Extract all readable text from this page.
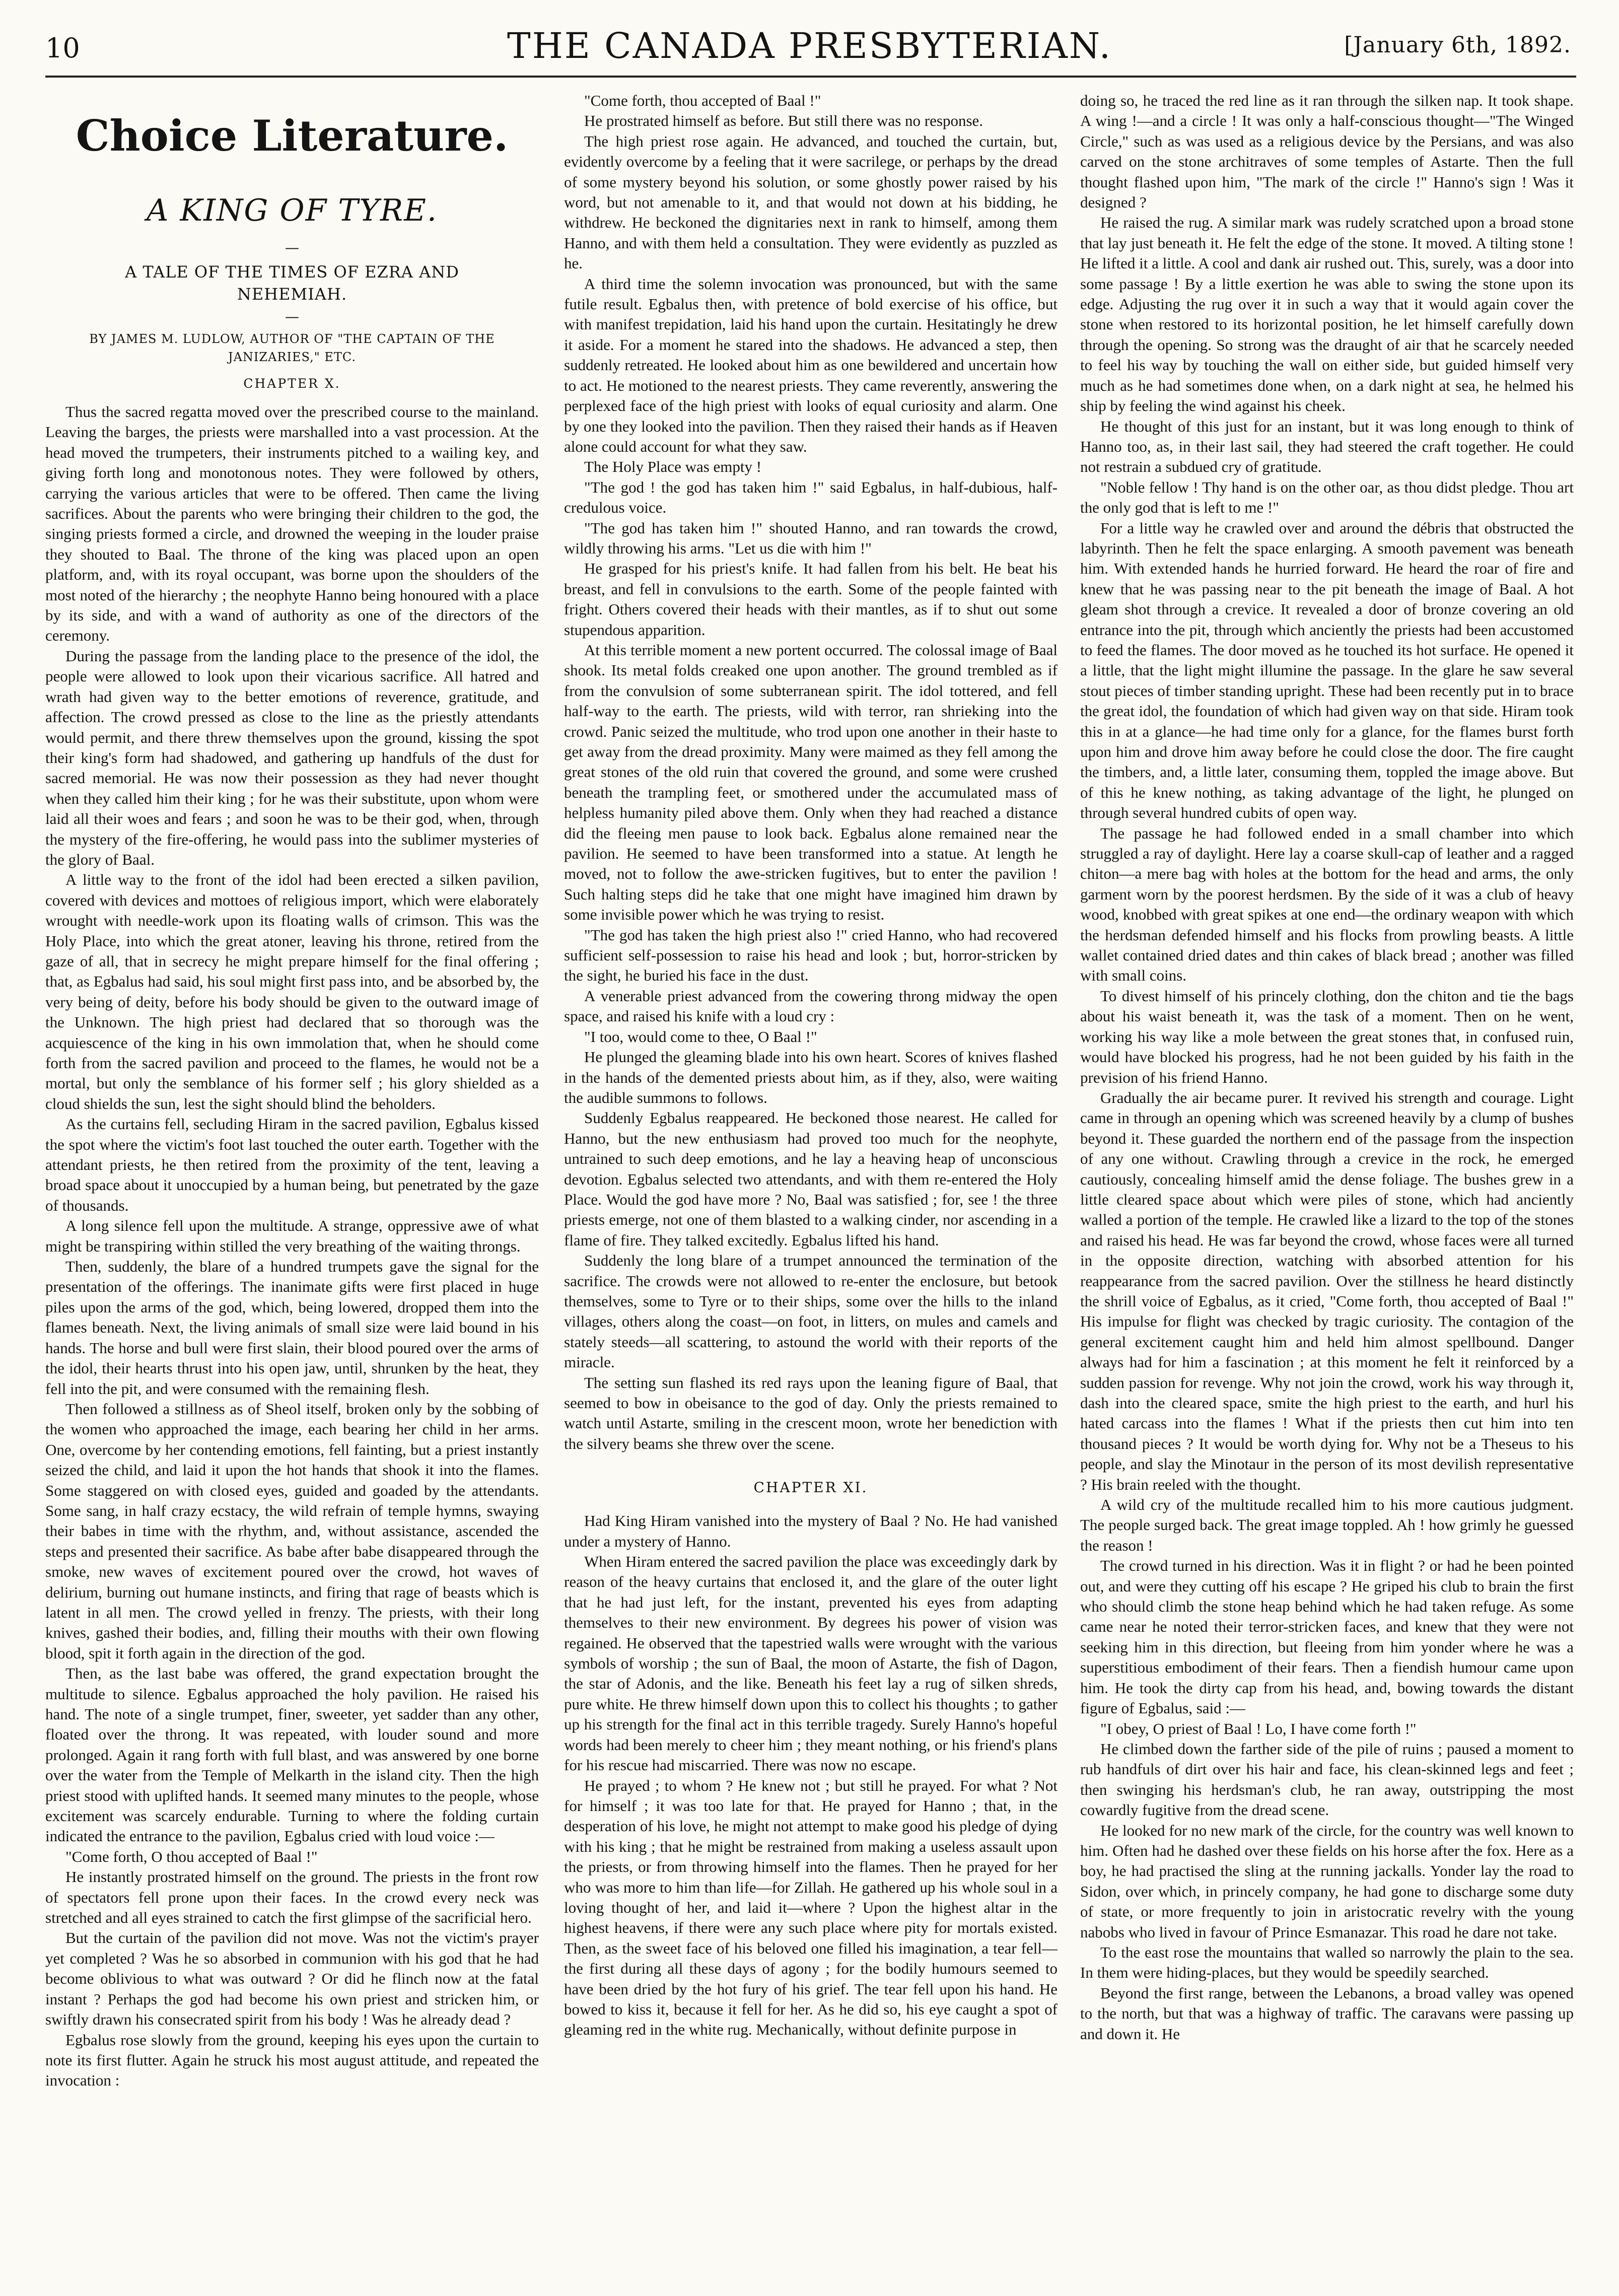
10	THE CANADA PRESBYTERIAN.	[January 6th, 1892.
Choice Literature.
A KING OF TYRE.
—
A TALE OF THE TIMES OF EZRA AND NEHEMIAH.
—
BY JAMES M. LUDLOW, AUTHOR OF "THE CAPTAIN OF THE JANIZARIES," ETC.
CHAPTER X.

Thus the sacred regatta moved over the prescribed course to the mainland. Leaving the barges, the priests were marshalled into a vast procession. At the head moved the trumpeters, their instruments pitched to a wailing key, and giving forth long and monotonous notes. They were followed by others, carrying the various articles that were to be offered. Then came the living sacrifices. About the parents who were bringing their children to the god, the singing priests formed a circle, and drowned the weeping in the louder praise they shouted to Baal. The throne of the king was placed upon an open platform, and, with its royal occupant, was borne upon the shoulders of the most noted of the hierarchy ; the neophyte Hanno being honoured with a place by its side, and with a wand of authority as one of the directors of the ceremony.

During the passage from the landing place to the presence of the idol, the people were allowed to look upon their vicarious sacrifice. All hatred and wrath had given way to the better emotions of reverence, gratitude, and affection. The crowd pressed as close to the line as the priestly attendants would permit, and there threw themselves upon the ground, kissing the spot their king's form had shadowed, and gathering up handfuls of the dust for sacred memorial. He was now their possession as they had never thought when they called him their king ; for he was their substitute, upon whom were laid all their woes and fears ; and soon he was to be their god, when, through the mystery of the fire-offering, he would pass into the sublimer mysteries of the glory of Baal.

A little way to the front of the idol had been erected a silken pavilion, covered with devices and mottoes of religious import, which were elaborately wrought with needle-work upon its floating walls of crimson. This was the Holy Place, into which the great atoner, leaving his throne, retired from the gaze of all, that in secrecy he might prepare himself for the final offering ; that, as Egbalus had said, his soul might first pass into, and be absorbed by, the very being of deity, before his body should be given to the outward image of the Unknown. The high priest had declared that so thorough was the acquiescence of the king in his own immolation that, when he should come forth from the sacred pavilion and proceed to the flames, he would not be a mortal, but only the semblance of his former self ; his glory shielded as a cloud shields the sun, lest the sight should blind the beholders.

As the curtains fell, secluding Hiram in the sacred pavilion, Egbalus kissed the spot where the victim's foot last touched the outer earth. Together with the attendant priests, he then retired from the proximity of the tent, leaving a broad space about it unoccupied by a human being, but penetrated by the gaze of thousands.

A long silence fell upon the multitude. A strange, oppressive awe of what might be transpiring within stilled the very breathing of the waiting throngs.

Then, suddenly, the blare of a hundred trumpets gave the signal for the presentation of the offerings. The inanimate gifts were first placed in huge piles upon the arms of the god, which, being lowered, dropped them into the flames beneath. Next, the living animals of small size were laid bound in his hands. The horse and bull were first slain, their blood poured over the arms of the idol, their hearts thrust into his open jaw, until, shrunken by the heat, they fell into the pit, and were consumed with the remaining flesh.

Then followed a stillness as of Sheol itself, broken only by the sobbing of the women who approached the image, each bearing her child in her arms. One, overcome by her contending emotions, fell fainting, but a priest instantly seized the child, and laid it upon the hot hands that shook it into the flames. Some staggered on with closed eyes, guided and goaded by the attendants. Some sang, in half crazy ecstacy, the wild refrain of temple hymns, swaying their babes in time with the rhythm, and, without assistance, ascended the steps and presented their sacrifice. As babe after babe disappeared through the smoke, new waves of excitement poured over the crowd, hot waves of delirium, burning out humane instincts, and firing that rage of beasts which is latent in all men. The crowd yelled in frenzy. The priests, with their long knives, gashed their bodies, and, filling their mouths with their own flowing blood, spit it forth again in the direction of the god.

Then, as the last babe was offered, the grand expectation brought the multitude to silence. Egbalus approached the holy pavilion. He raised his hand. The note of a single trumpet, finer, sweeter, yet sadder than any other, floated over the throng. It was repeated, with louder sound and more prolonged. Again it rang forth with full blast, and was answered by one borne over the water from the Temple of Melkarth in the island city. Then the high priest stood with uplifted hands. It seemed many minutes to the people, whose excitement was scarcely endurable. Turning to where the folding curtain indicated the entrance to the pavilion, Egbalus cried with loud voice :—

"Come forth, O thou accepted of Baal !"

He instantly prostrated himself on the ground. The priests in the front row of spectators fell prone upon their faces. In the crowd every neck was stretched and all eyes strained to catch the first glimpse of the sacrificial hero.

But the curtain of the pavilion did not move. Was not the victim's prayer yet completed ? Was he so absorbed in communion with his god that he had become oblivious to what was outward ? Or did he flinch now at the fatal instant ? Perhaps the god had become his own priest and stricken him, or swiftly drawn his consecrated spirit from his body ! Was he already dead ?

Egbalus rose slowly from the ground, keeping his eyes upon the curtain to note its first flutter. Again he struck his most august attitude, and repeated the invocation :

"Come forth, thou accepted of Baal !"

He prostrated himself as before. But still there was no response.

The high priest rose again. He advanced, and touched the curtain, but, evidently overcome by a feeling that it were sacrilege, or perhaps by the dread of some mystery beyond his solution, or some ghostly power raised by his word, but not amenable to it, and that would not down at his bidding, he withdrew. He beckoned the dignitaries next in rank to himself, among them Hanno, and with them held a consultation. They were evidently as puzzled as he.

A third time the solemn invocation was pronounced, but with the same futile result. Egbalus then, with pretence of bold exercise of his office, but with manifest trepidation, laid his hand upon the curtain. Hesitatingly he drew it aside. For a moment he stared into the shadows. He advanced a step, then suddenly retreated. He looked about him as one bewildered and uncertain how to act. He motioned to the nearest priests. They came reverently, answering the perplexed face of the high priest with looks of equal curiosity and alarm. One by one they looked into the pavilion. Then they raised their hands as if Heaven alone could account for what they saw.

The Holy Place was empty !

"The god ! the god has taken him !" said Egbalus, in half-dubious, half-credulous voice.

"The god has taken him !" shouted Hanno, and ran towards the crowd, wildly throwing his arms. "Let us die with him !"

He grasped for his priest's knife. It had fallen from his belt. He beat his breast, and fell in convulsions to the earth. Some of the people fainted with fright. Others covered their heads with their mantles, as if to shut out some stupendous apparition.

At this terrible moment a new portent occurred. The colossal image of Baal shook. Its metal folds creaked one upon another. The ground trembled as if from the convulsion of some subterranean spirit. The idol tottered, and fell half-way to the earth. The priests, wild with terror, ran shrieking into the crowd. Panic seized the multitude, who trod upon one another in their haste to get away from the dread proximity. Many were maimed as they fell among the great stones of the old ruin that covered the ground, and some were crushed beneath the trampling feet, or smothered under the accumulated mass of helpless humanity piled above them. Only when they had reached a distance did the fleeing men pause to look back. Egbalus alone remained near the pavilion. He seemed to have been transformed into a statue. At length he moved, not to follow the awe-stricken fugitives, but to enter the pavilion ! Such halting steps did he take that one might have imagined him drawn by some invisible power which he was trying to resist.

"The god has taken the high priest also !" cried Hanno, who had recovered sufficient self-possession to raise his head and look ; but, horror-stricken by the sight, he buried his face in the dust.

A venerable priest advanced from the cowering throng midway the open space, and raised his knife with a loud cry :

"I too, would come to thee, O Baal !"

He plunged the gleaming blade into his own heart. Scores of knives flashed in the hands of the demented priests about him, as if they, also, were waiting the audible summons to follows.

Suddenly Egbalus reappeared. He beckoned those nearest. He called for Hanno, but the new enthusiasm had proved too much for the neophyte, untrained to such deep emotions, and he lay a heaving heap of unconscious devotion. Egbalus selected two attendants, and with them re-entered the Holy Place. Would the god have more ? No, Baal was satisfied ; for, see ! the three priests emerge, not one of them blasted to a walking cinder, nor ascending in a flame of fire. They talked excitedly. Egbalus lifted his hand.

Suddenly the long blare of a trumpet announced the termination of the sacrifice. The crowds were not allowed to re-enter the enclosure, but betook themselves, some to Tyre or to their ships, some over the hills to the inland villages, others along the coast—on foot, in litters, on mules and camels and stately steeds—all scattering, to astound the world with their reports of the miracle.

The setting sun flashed its red rays upon the leaning figure of Baal, that seemed to bow in obeisance to the god of day. Only the priests remained to watch until Astarte, smiling in the crescent moon, wrote her benediction with the silvery beams she threw over the scene.

CHAPTER XI.

Had King Hiram vanished into the mystery of Baal ? No. He had vanished under a mystery of Hanno.

When Hiram entered the sacred pavilion the place was exceedingly dark by reason of the heavy curtains that enclosed it, and the glare of the outer light that he had just left, for the instant, prevented his eyes from adapting themselves to their new environment. By degrees his power of vision was regained. He observed that the tapestried walls were wrought with the various symbols of worship ; the sun of Baal, the moon of Astarte, the fish of Dagon, the star of Adonis, and the like. Beneath his feet lay a rug of silken shreds, pure white. He threw himself down upon this to collect his thoughts ; to gather up his strength for the final act in this terrible tragedy. Surely Hanno's hopeful words had been merely to cheer him ; they meant nothing, or his friend's plans for his rescue had miscarried. There was now no escape.

He prayed ; to whom ? He knew not ; but still he prayed. For what ? Not for himself ; it was too late for that. He prayed for Hanno ; that, in the desperation of his love, he might not attempt to make good his pledge of dying with his king ; that he might be restrained from making a useless assault upon the priests, or from throwing himself into the flames. Then he prayed for her who was more to him than life—for Zillah. He gathered up his whole soul in a loving thought of her, and laid it—where ? Upon the highest altar in the highest heavens, if there were any such place where pity for mortals existed. Then, as the sweet face of his beloved one filled his imagination, a tear fell—the first during all these days of agony ; for the bodily humours seemed to have been dried by the hot fury of his grief. The tear fell upon his hand. He bowed to kiss it, because it fell for her. As he did so, his eye caught a spot of gleaming red in the white rug. Mechanically, without definite purpose in

doing so, he traced the red line as it ran through the silken nap. It took shape. A wing !—and a circle ! It was only a half-conscious thought—"The Winged Circle," such as was used as a religious device by the Persians, and was also carved on the stone architraves of some temples of Astarte. Then the full thought flashed upon him, "The mark of the circle !" Hanno's sign ! Was it designed ?

He raised the rug. A similar mark was rudely scratched upon a broad stone that lay just beneath it. He felt the edge of the stone. It moved. A tilting stone ! He lifted it a little. A cool and dank air rushed out. This, surely, was a door into some passage ! By a little exertion he was able to swing the stone upon its edge. Adjusting the rug over it in such a way that it would again cover the stone when restored to its horizontal position, he let himself carefully down through the opening. So strong was the draught of air that he scarcely needed to feel his way by touching the wall on either side, but guided himself very much as he had sometimes done when, on a dark night at sea, he helmed his ship by feeling the wind against his cheek.

He thought of this just for an instant, but it was long enough to think of Hanno too, as, in their last sail, they had steered the craft together. He could not restrain a subdued cry of gratitude.

"Noble fellow ! Thy hand is on the other oar, as thou didst pledge. Thou art the only god that is left to me !"

For a little way he crawled over and around the débris that obstructed the labyrinth. Then he felt the space enlarging. A smooth pavement was beneath him. With extended hands he hurried forward. He heard the roar of fire and knew that he was passing near to the pit beneath the image of Baal. A hot gleam shot through a crevice. It revealed a door of bronze covering an old entrance into the pit, through which anciently the priests had been accustomed to feed the flames. The door moved as he touched its hot surface. He opened it a little, that the light might illumine the passage. In the glare he saw several stout pieces of timber standing upright. These had been recently put in to brace the great idol, the foundation of which had given way on that side. Hiram took this in at a glance—he had time only for a glance, for the flames burst forth upon him and drove him away before he could close the door. The fire caught the timbers, and, a little later, consuming them, toppled the image above. But of this he knew nothing, as taking advantage of the light, he plunged on through several hundred cubits of open way.

The passage he had followed ended in a small chamber into which struggled a ray of daylight. Here lay a coarse skull-cap of leather and a ragged chiton—a mere bag with holes at the bottom for the head and arms, the only garment worn by the poorest herdsmen. By the side of it was a club of heavy wood, knobbed with great spikes at one end—the ordinary weapon with which the herdsman defended himself and his flocks from prowling beasts. A little wallet contained dried dates and thin cakes of black bread ; another was filled with small coins.

To divest himself of his princely clothing, don the chiton and tie the bags about his waist beneath it, was the task of a moment. Then on he went, working his way like a mole between the great stones that, in confused ruin, would have blocked his progress, had he not been guided by his faith in the prevision of his friend Hanno.

Gradually the air became purer. It revived his strength and courage. Light came in through an opening which was screened heavily by a clump of bushes beyond it. These guarded the northern end of the passage from the inspection of any one without. Crawling through a crevice in the rock, he emerged cautiously, concealing himself amid the dense foliage. The bushes grew in a little cleared space about which were piles of stone, which had anciently walled a portion of the temple. He crawled like a lizard to the top of the stones and raised his head. He was far beyond the crowd, whose faces were all turned in the opposite direction, watching with absorbed attention for his reappearance from the sacred pavilion. Over the stillness he heard distinctly the shrill voice of Egbalus, as it cried, "Come forth, thou accepted of Baal !" His impulse for flight was checked by tragic curiosity. The contagion of the general excitement caught him and held him almost spellbound. Danger always had for him a fascination ; at this moment he felt it reinforced by a sudden passion for revenge. Why not join the crowd, work his way through it, dash into the cleared space, smite the high priest to the earth, and hurl his hated carcass into the flames ! What if the priests then cut him into ten thousand pieces ? It would be worth dying for. Why not be a Theseus to his people, and slay the Minotaur in the person of its most devilish representative ? His brain reeled with the thought.

A wild cry of the multitude recalled him to his more cautious judgment. The people surged back. The great image toppled. Ah ! how grimly he guessed the reason !

The crowd turned in his direction. Was it in flight ? or had he been pointed out, and were they cutting off his escape ? He griped his club to brain the first who should climb the stone heap behind which he had taken refuge. As some came near he noted their terror-stricken faces, and knew that they were not seeking him in this direction, but fleeing from him yonder where he was a superstitious embodiment of their fears. Then a fiendish humour came upon him. He took the dirty cap from his head, and, bowing towards the distant figure of Egbalus, said :—

"I obey, O priest of Baal ! Lo, I have come forth !"

He climbed down the farther side of the pile of ruins ; paused a moment to rub handfuls of dirt over his hair and face, his clean-skinned legs and feet ; then swinging his herdsman's club, he ran away, outstripping the most cowardly fugitive from the dread scene.

He looked for no new mark of the circle, for the country was well known to him. Often had he dashed over these fields on his horse after the fox. Here as a boy, he had practised the sling at the running jackalls. Yonder lay the road to Sidon, over which, in princely company, he had gone to discharge some duty of state, or more frequently to join in aristocratic revelry with the young nabobs who lived in favour of Prince Esmanazar. This road he dare not take.

To the east rose the mountains that walled so narrowly the plain to the sea. In them were hiding-places, but they would be speedily searched.

Beyond the first range, between the Lebanons, a broad valley was opened to the north, but that was a highway of traffic. The caravans were passing up and down it. He
